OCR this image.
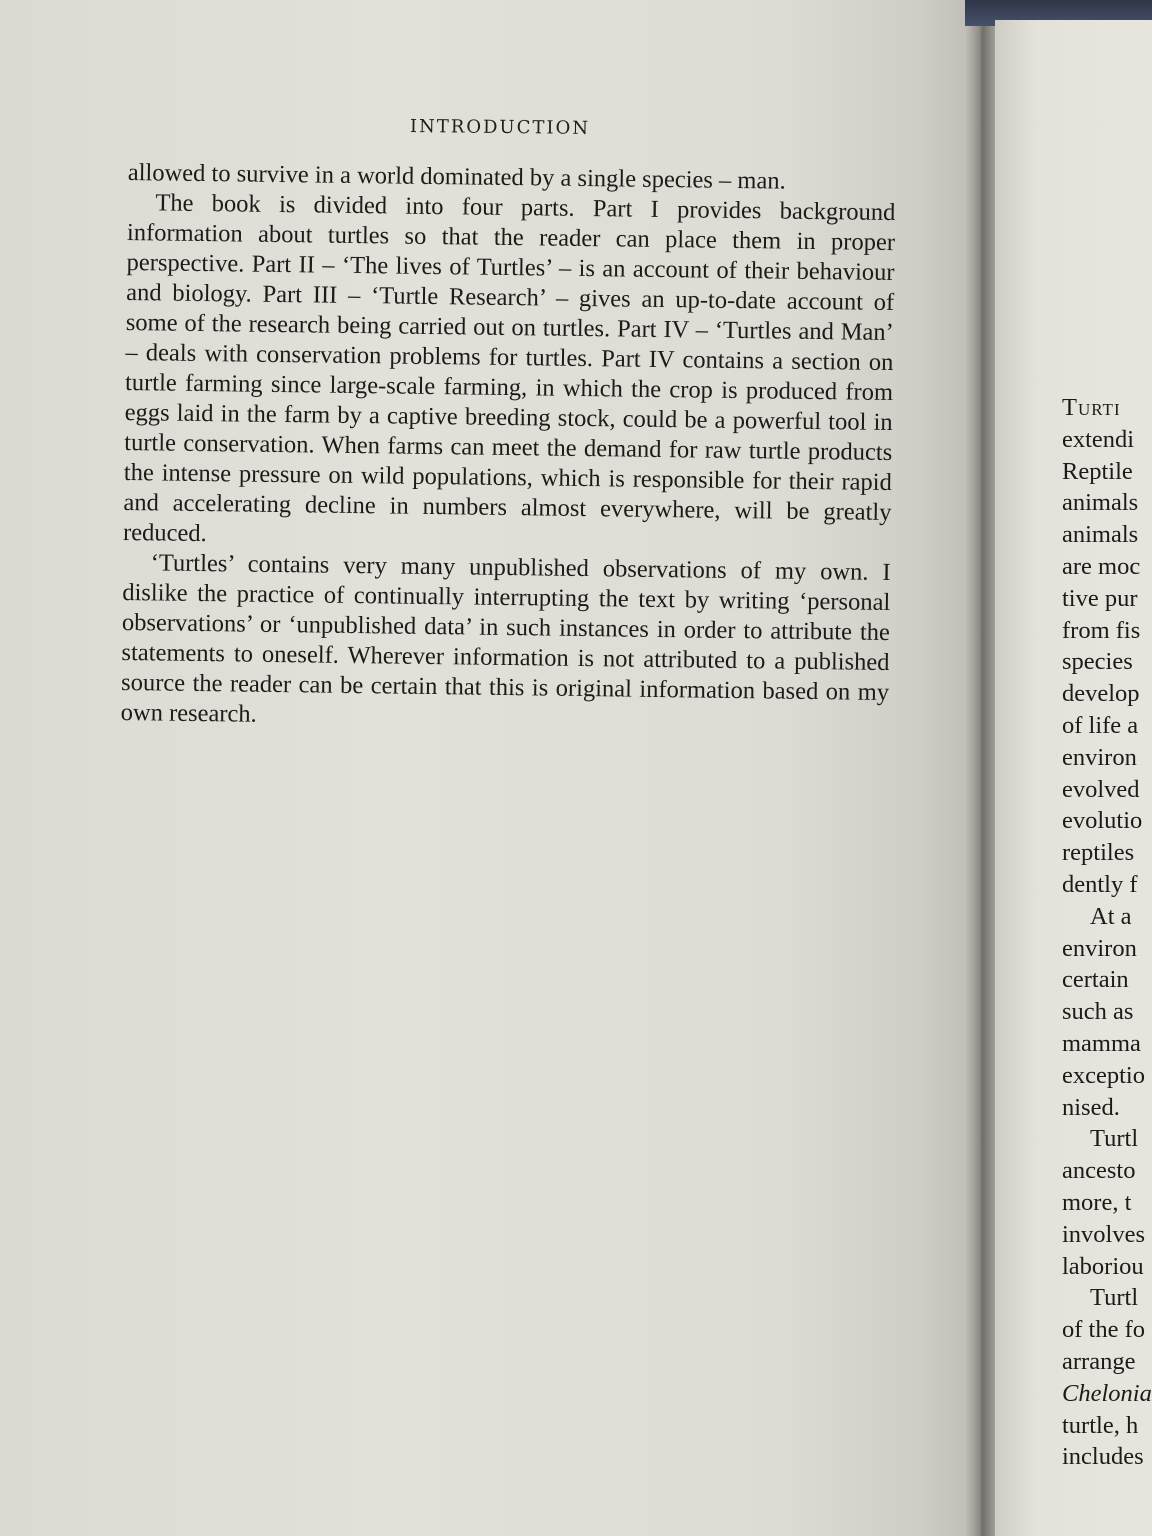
INTRODUCTION

allowed to survive in a world dominated by a single species – man.

The book is divided into four parts. Part I provides background information about turtles so that the reader can place them in proper perspective. Part II – ‘The lives of Turtles’ – is an account of their behaviour and biology. Part III – ‘Turtle Research’ – gives an up-to-date account of some of the research being carried out on turtles. Part IV – ‘Turtles and Man’ – deals with conservation problems for turtles. Part IV contains a section on turtle farming since large-scale farming, in which the crop is produced from eggs laid in the farm by a captive breeding stock, could be a powerful tool in turtle conservation. When farms can meet the demand for raw turtle products the intense pressure on wild populations, which is responsible for their rapid and accelerating decline in numbers almost everywhere, will be greatly reduced.

‘Turtles’ contains very many unpublished observations of my own. I dislike the practice of continually interrupting the text by writing ‘personal observations’ or ‘unpublished data’ in such instances in order to attribute the statements to oneself. Wherever information is not attributed to a published source the reader can be certain that this is original information based on my own research.

Turti
extendi
Reptile
animals
animals
are moc
tive pur
from fis
species
develop
of life a
environ
evolved
evolutio
reptiles
dently f
At a
environ
certain
such as
mamma
exceptio
nised.
Turtl
ancesto
more, t
involves
laboriou
Turtl
of the fo
arrange
Chelonia
turtle, h
includes
